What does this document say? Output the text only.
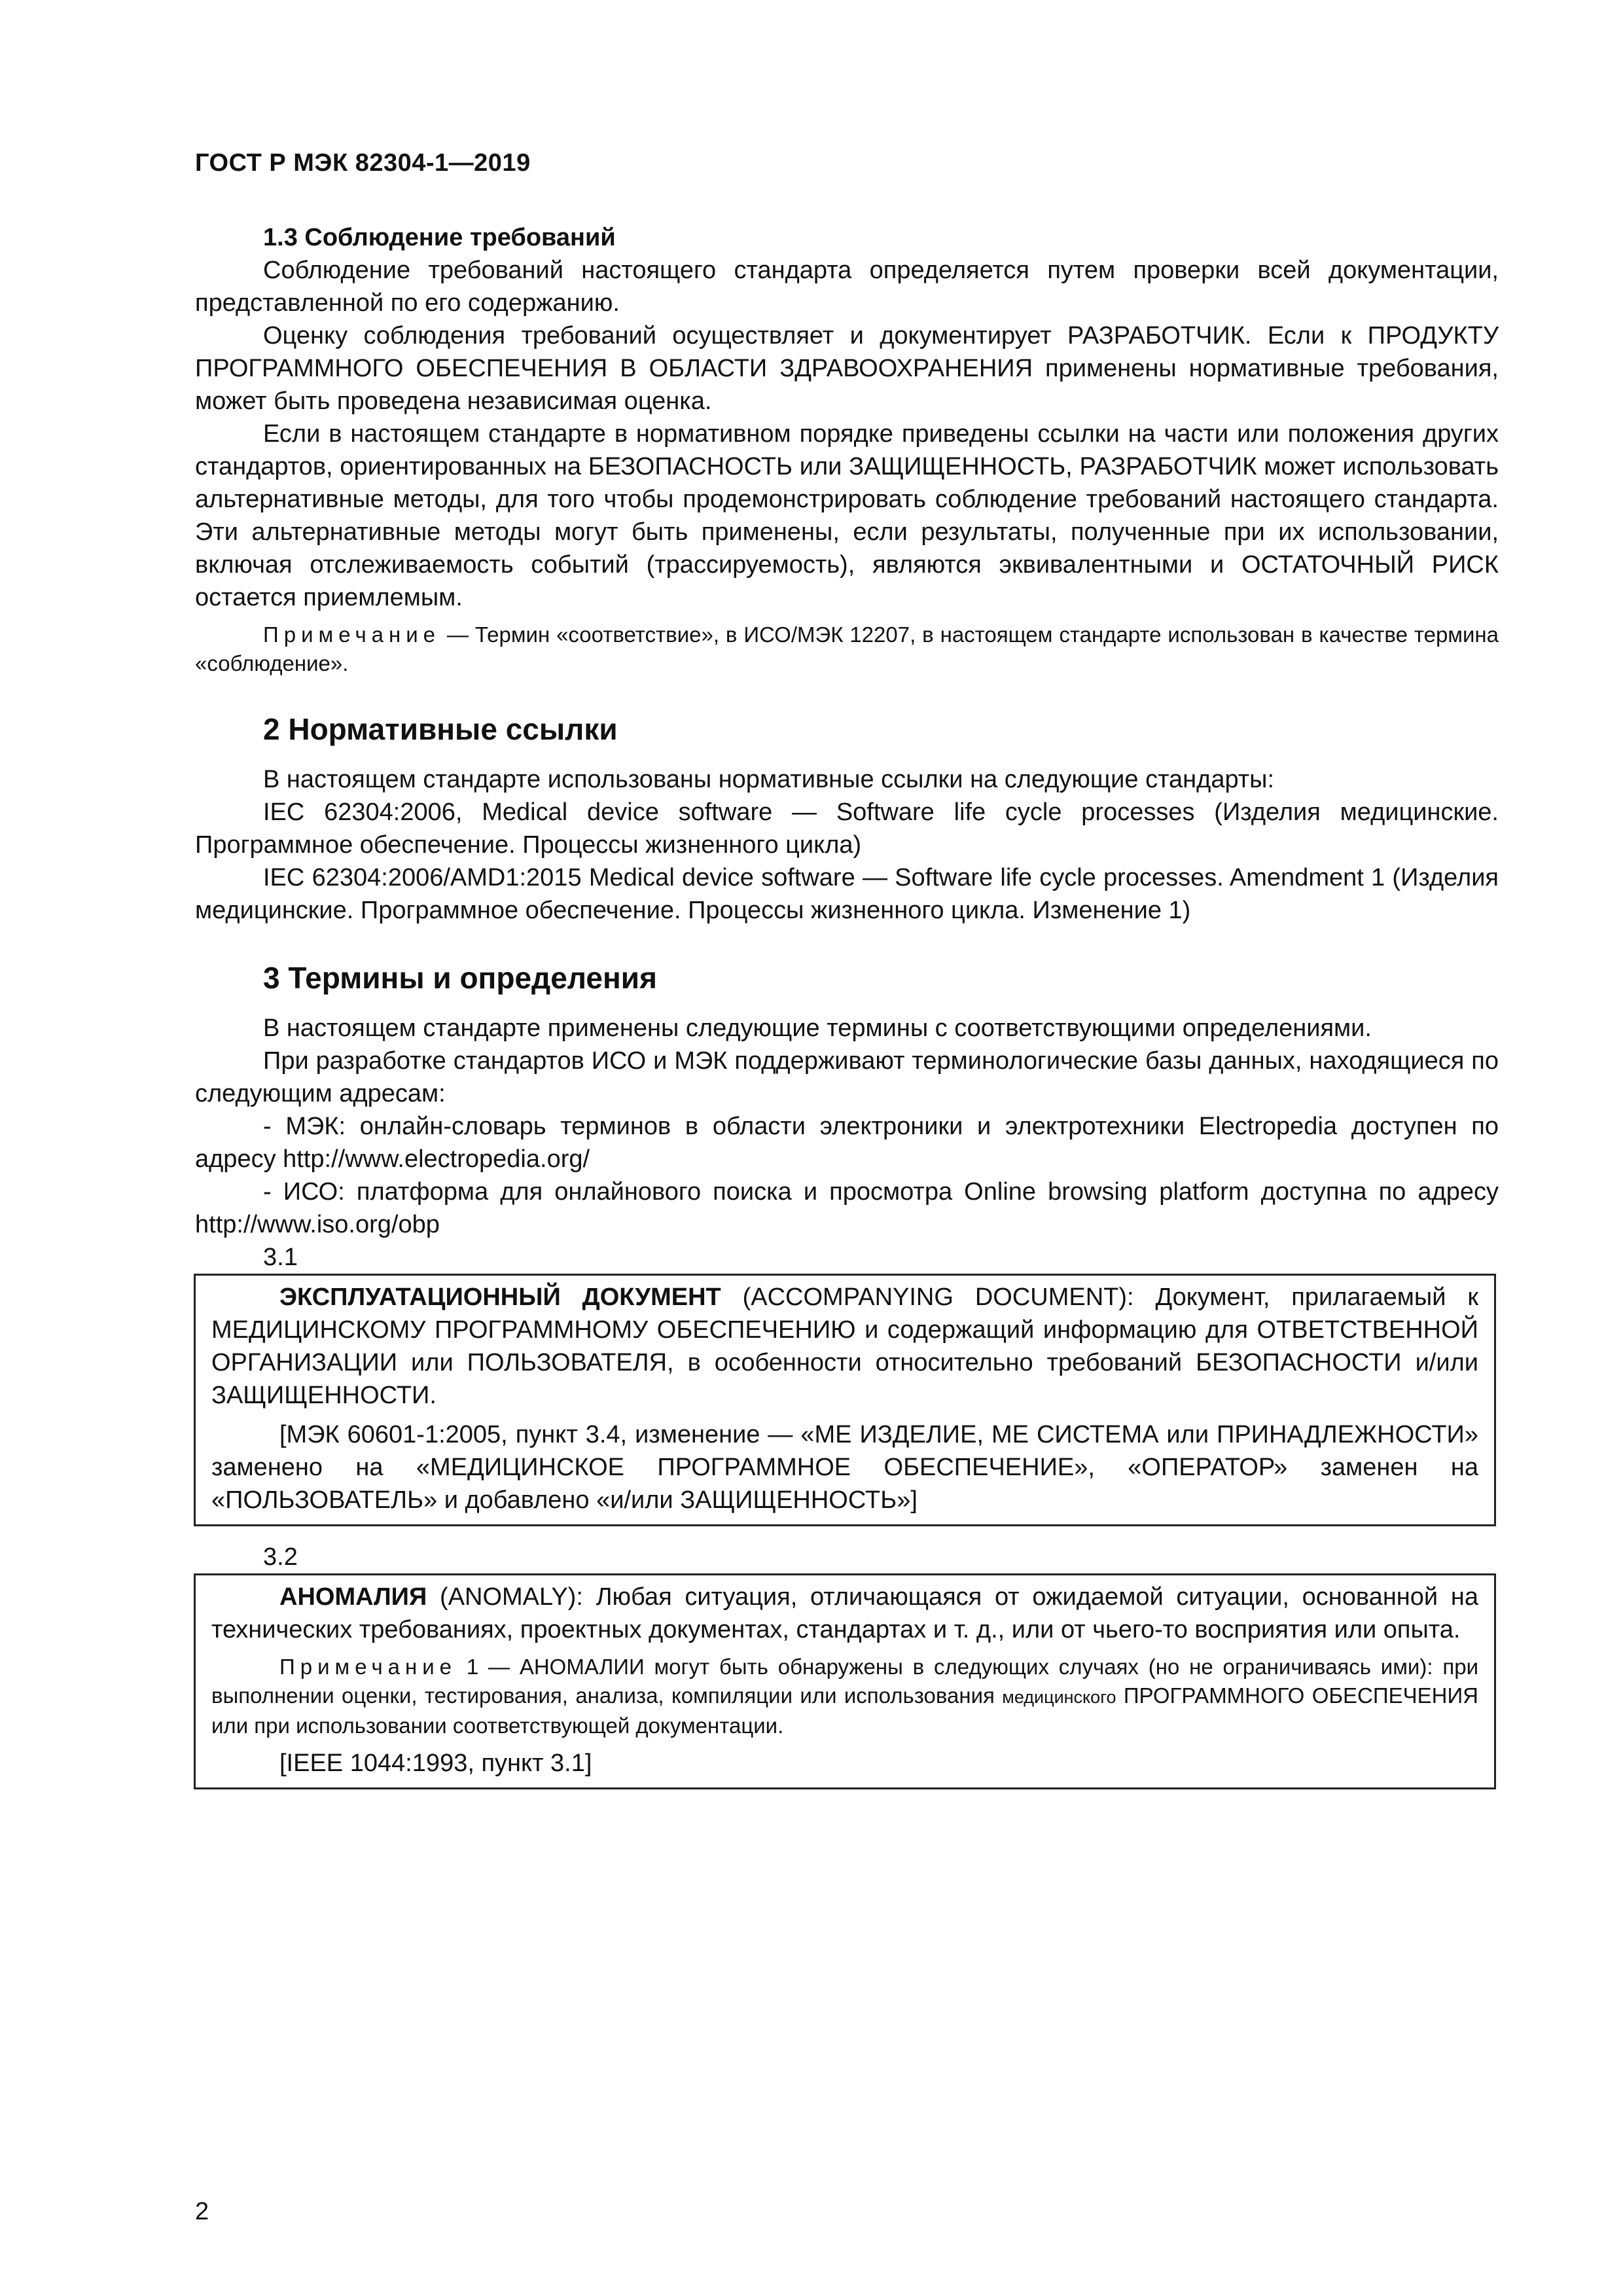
ГОСТ Р МЭК 82304-1—2019
1.3 Соблюдение требований

Соблюдение требований настоящего стандарта определяется путем проверки всей документации, представленной по его содержанию.

Оценку соблюдения требований осуществляет и документирует РАЗРАБОТЧИК. Если к ПРОДУКТУ ПРОГРАММНОГО ОБЕСПЕЧЕНИЯ В ОБЛАСТИ ЗДРАВООХРАНЕНИЯ применены нормативные требования, может быть проведена независимая оценка.

Если в настоящем стандарте в нормативном порядке приведены ссылки на части или положения других стандартов, ориентированных на БЕЗОПАСНОСТЬ или ЗАЩИЩЕННОСТЬ, РАЗРАБОТЧИК может использовать альтернативные методы, для того чтобы продемонстрировать соблюдение требований настоящего стандарта. Эти альтернативные методы могут быть применены, если результаты, полученные при их использовании, включая отслеживаемость событий (трассируемость), являются эквивалентными и ОСТАТОЧНЫЙ РИСК остается приемлемым.

Примечание — Термин «соответствие», в ИСО/МЭК 12207, в настоящем стандарте использован в качестве термина «соблюдение».
2 Нормативные ссылки

В настоящем стандарте использованы нормативные ссылки на следующие стандарты:

IEC 62304:2006, Medical device software — Software life cycle processes (Изделия медицинские. Программное обеспечение. Процессы жизненного цикла)

IEC 62304:2006/AMD1:2015 Medical device software — Software life cycle processes. Amendment 1 (Изделия медицинские. Программное обеспечение. Процессы жизненного цикла. Изменение 1)

3 Термины и определения

В настоящем стандарте применены следующие термины с соответствующими определениями.

При разработке стандартов ИСО и МЭК поддерживают терминологические базы данных, находящиеся по следующим адресам:

- МЭК: онлайн-словарь терминов в области электроники и электротехники Electropedia доступен по адресу http://www.electropedia.org/

- ИСО: платформа для онлайнового поиска и просмотра Online browsing platform доступна по адресу http://www.iso.org/obp

3.1

ЭКСПЛУАТАЦИОННЫЙ ДОКУМЕНТ (ACCOMPANYING DOCUMENT): Документ, прилагаемый к МЕДИЦИНСКОМУ ПРОГРАММНОМУ ОБЕСПЕЧЕНИЮ и содержащий информацию для ОТВЕТСТВЕННОЙ ОРГАНИЗАЦИИ или ПОЛЬЗОВАТЕЛЯ, в особенности относительно требований БЕЗОПАСНОСТИ и/или ЗАЩИЩЕННОСТИ.

[МЭК 60601-1:2005, пункт 3.4, изменение — «МЕ ИЗДЕЛИЕ, МЕ СИСТЕМА или ПРИНАДЛЕЖНОСТИ» заменено на «МЕДИЦИНСКОЕ ПРОГРАММНОЕ ОБЕСПЕЧЕНИЕ», «ОПЕРАТОР» заменен на «ПОЛЬЗОВАТЕЛЬ» и добавлено «и/или ЗАЩИЩЕННОСТЬ»]

3.2

АНОМАЛИЯ (ANOMALY): Любая ситуация, отличающаяся от ожидаемой ситуации, основанной на технических требованиях, проектных документах, стандартах и т. д., или от чьего-то восприятия или опыта.

Примечание 1 — АНОМАЛИИ могут быть обнаружены в следующих случаях (но не ограничиваясь ими): при выполнении оценки, тестирования, анализа, компиляции или использования медицинского ПРОГРАММНОГО ОБЕСПЕЧЕНИЯ или при использовании соответствующей документации.

[IEEE 1044:1993, пункт 3.1]

2
